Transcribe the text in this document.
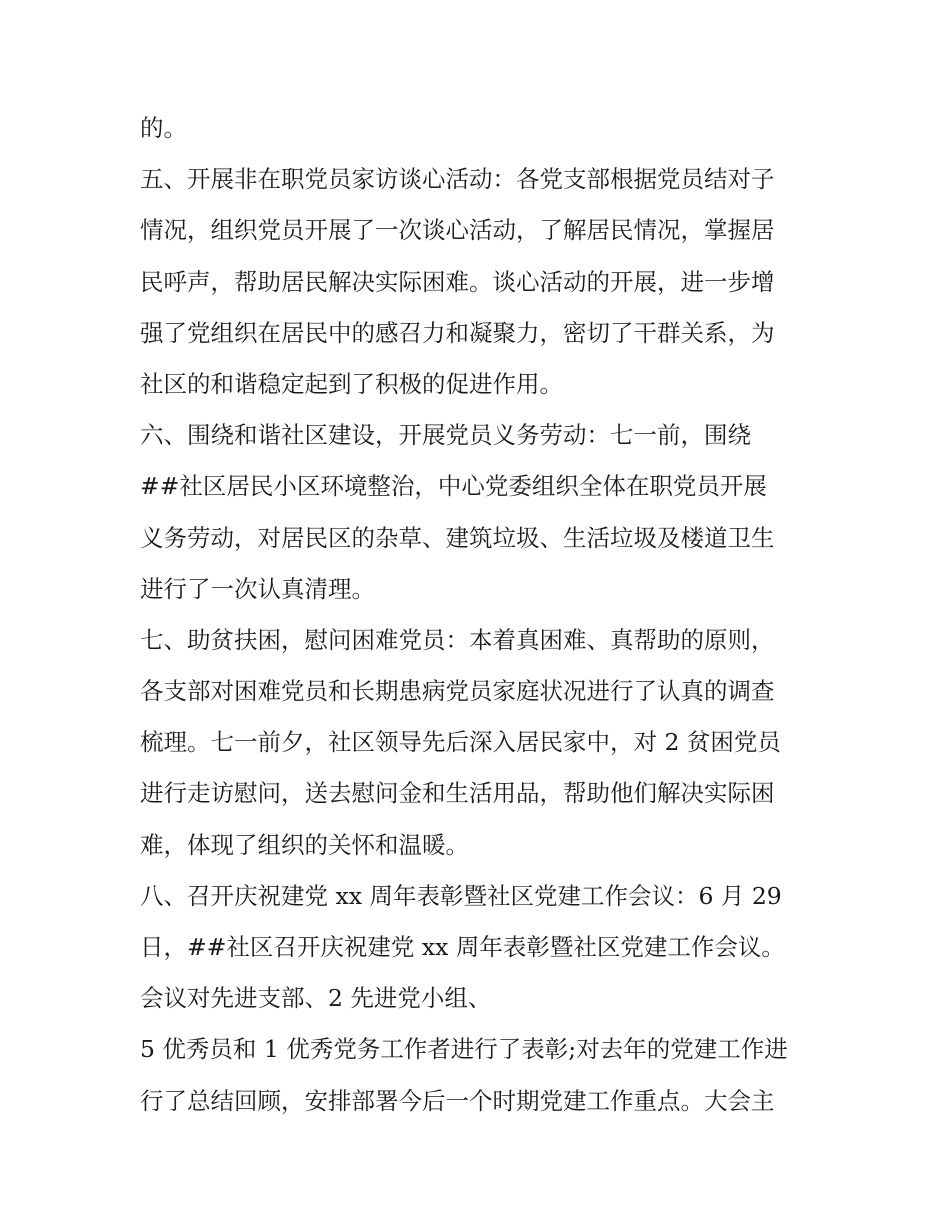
的。
五、开展非在职党员家访谈心活动：各党支部根据党员结对子
情况，组织党员开展了一次谈心活动，了解居民情况，掌握居
民呼声，帮助居民解决实际困难。谈心活动的开展，进一步增
强了党组织在居民中的感召力和凝聚力，密切了干群关系，为
社区的和谐稳定起到了积极的促进作用。
六、围绕和谐社区建设，开展党员义务劳动：七一前，围绕
##社区居民小区环境整治，中心党委组织全体在职党员开展
义务劳动，对居民区的杂草、建筑垃圾、生活垃圾及楼道卫生
进行了一次认真清理。
七、助贫扶困，慰问困难党员：本着真困难、真帮助的原则，
各支部对困难党员和长期患病党员家庭状况进行了认真的调查
梳理。七一前夕，社区领导先后深入居民家中，对 2 贫困党员
进行走访慰问，送去慰问金和生活用品，帮助他们解决实际困
难，体现了组织的关怀和温暖。
八、召开庆祝建党 xx 周年表彰暨社区党建工作会议：6 月 29
日，##社区召开庆祝建党 xx 周年表彰暨社区党建工作会议。
会议对先进支部、2 先进党小组、
5 优秀员和 1 优秀党务工作者进行了表彰;对去年的党建工作进
行了总结回顾，安排部署今后一个时期党建工作重点。大会主
